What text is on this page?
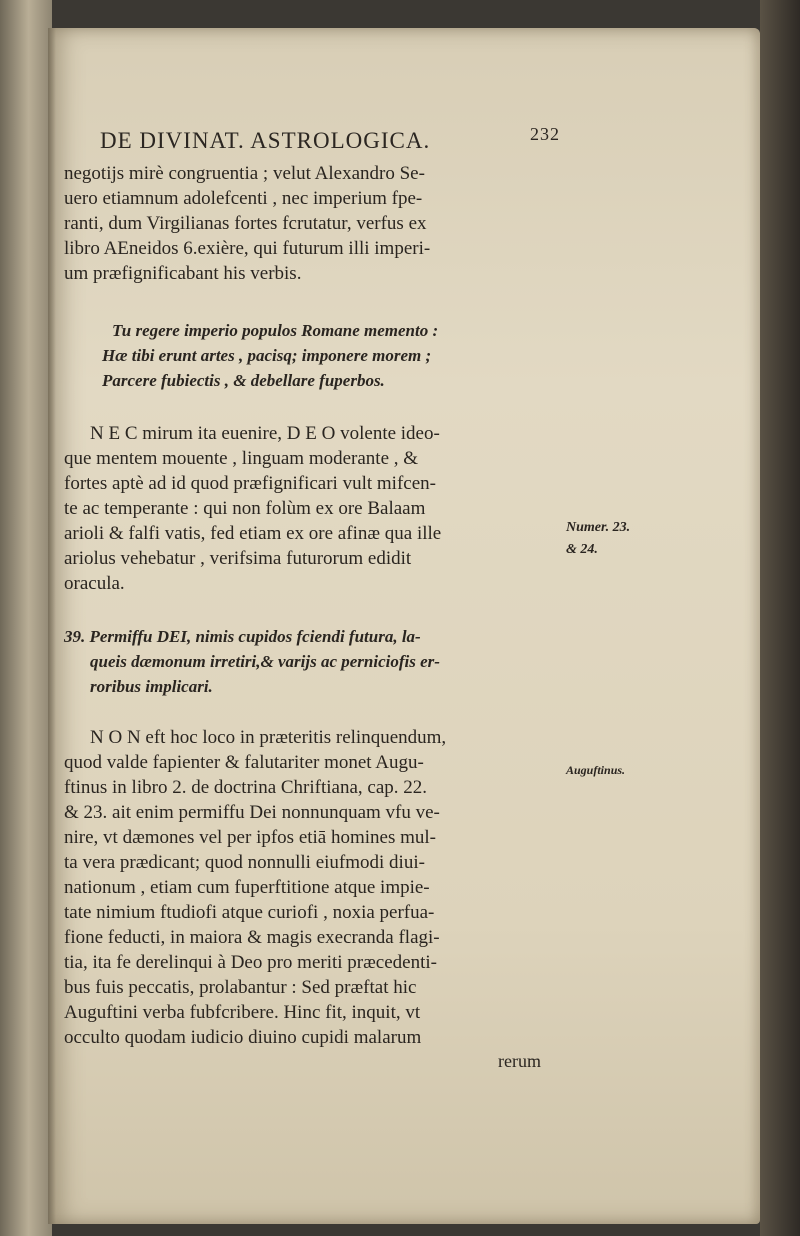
DE DIVINAT. ASTROLOGICA.	232
negotijs mirè congruentia ; velut Alexandro Se-
uero etiamnum adolefcenti , nec imperium fpe-
ranti, dum Virgilianas fortes fcrutatur, verfus ex
libro AEneidos 6.exière, qui futurum illi imperi-
um præfignificabant his verbis.
Tu regere imperio populos Romane memento :
Hæ tibi erunt artes , pacisq; imponere morem ;
Parcere fubiectis , & debellare fuperbos.
N E C mirum ita euenire, D E O volente ideo-
que mentem mouente , linguam moderante , &
fortes aptè ad id quod præfignificari vult mifcen-
te ac temperante : qui non folùm ex ore Balaam
arioli & falfi vatis, fed etiam ex ore afinæ qua ille
ariolus vehebatur , verifsima futurorum edidit
oracula.
39. Permiffu DEI, nimis cupidos fciendi futura, la-
queis dæmonum irretiri,& varijs ac perniciofis er-
roribus implicari.
N O N eft hoc loco in præteritis relinquendum,
quod valde fapienter & falutariter monet Augu-
ftinus in libro 2. de doctrina Chriftiana, cap. 22.
& 23. ait enim permiffu Dei nonnunquam vfu ve-
nire, vt dæmones vel per ipfos etiā homines mul-
ta vera prædicant; quod nonnulli eiufmodi diui-
nationum , etiam cum fuperftitione atque impie-
tate nimium ftudiofi atque curiofi , noxia perfua-
fione feducti, in maiora & magis execranda flagi-
tia, ita fe derelinqui à Deo pro meriti præcedenti-
bus fuis peccatis, prolabantur : Sed præftat hic
Auguftini verba fubfcribere. Hinc fit, inquit, vt
occulto quodam iudicio diuino cupidi malarum
rerum
Numer. 23.
& 24.
Auguftinus.
